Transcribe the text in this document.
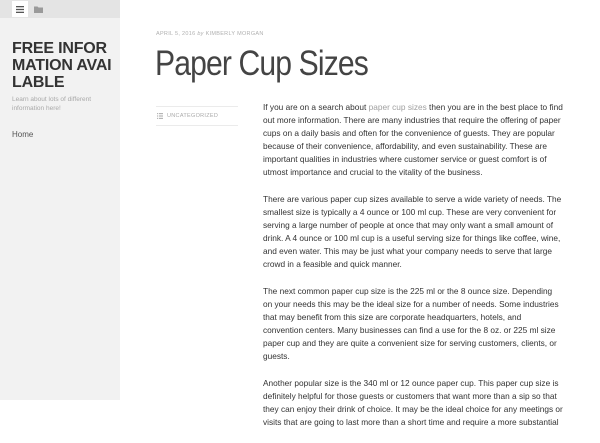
FREE INFORMATION AVAILABLE
Learn about lots of different information here!
Home
APRIL 5, 2016 by KIMBERLY MORGAN
Paper Cup Sizes
UNCATEGORIZED

If you are on a search about paper cup sizes then you are in the best place to find out more information. There are many industries that require the offering of paper cups on a daily basis and often for the convenience of guests. They are popular because of their convenience, affordability, and even sustainability. These are important qualities in industries where customer service or guest comfort is of utmost importance and crucial to the vitality of the business.

There are various paper cup sizes available to serve a wide variety of needs. The smallest size is typically a 4 ounce or 100 ml cup. These are very convenient for serving a large number of people at once that may only want a small amount of drink. A 4 ounce or 100 ml cup is a useful serving size for things like coffee, wine, and even water. This may be just what your company needs to serve that large crowd in a feasible and quick manner.

The next common paper cup size is the 225 ml or the 8 ounce size. Depending on your needs this may be the ideal size for a number of needs. Some industries that may benefit from this size are corporate headquarters, hotels, and convention centers. Many businesses can find a use for the 8 oz. or 225 ml size paper cup and they are quite a convenient size for serving customers, clients, or guests.

Another popular size is the 340 ml or 12 ounce paper cup. This paper cup size is definitely helpful for those guests or customers that want more than a sip so that they can enjoy their drink of choice. It may be the ideal choice for any meetings or visits that are going to last more than a short time and require a more substantial
